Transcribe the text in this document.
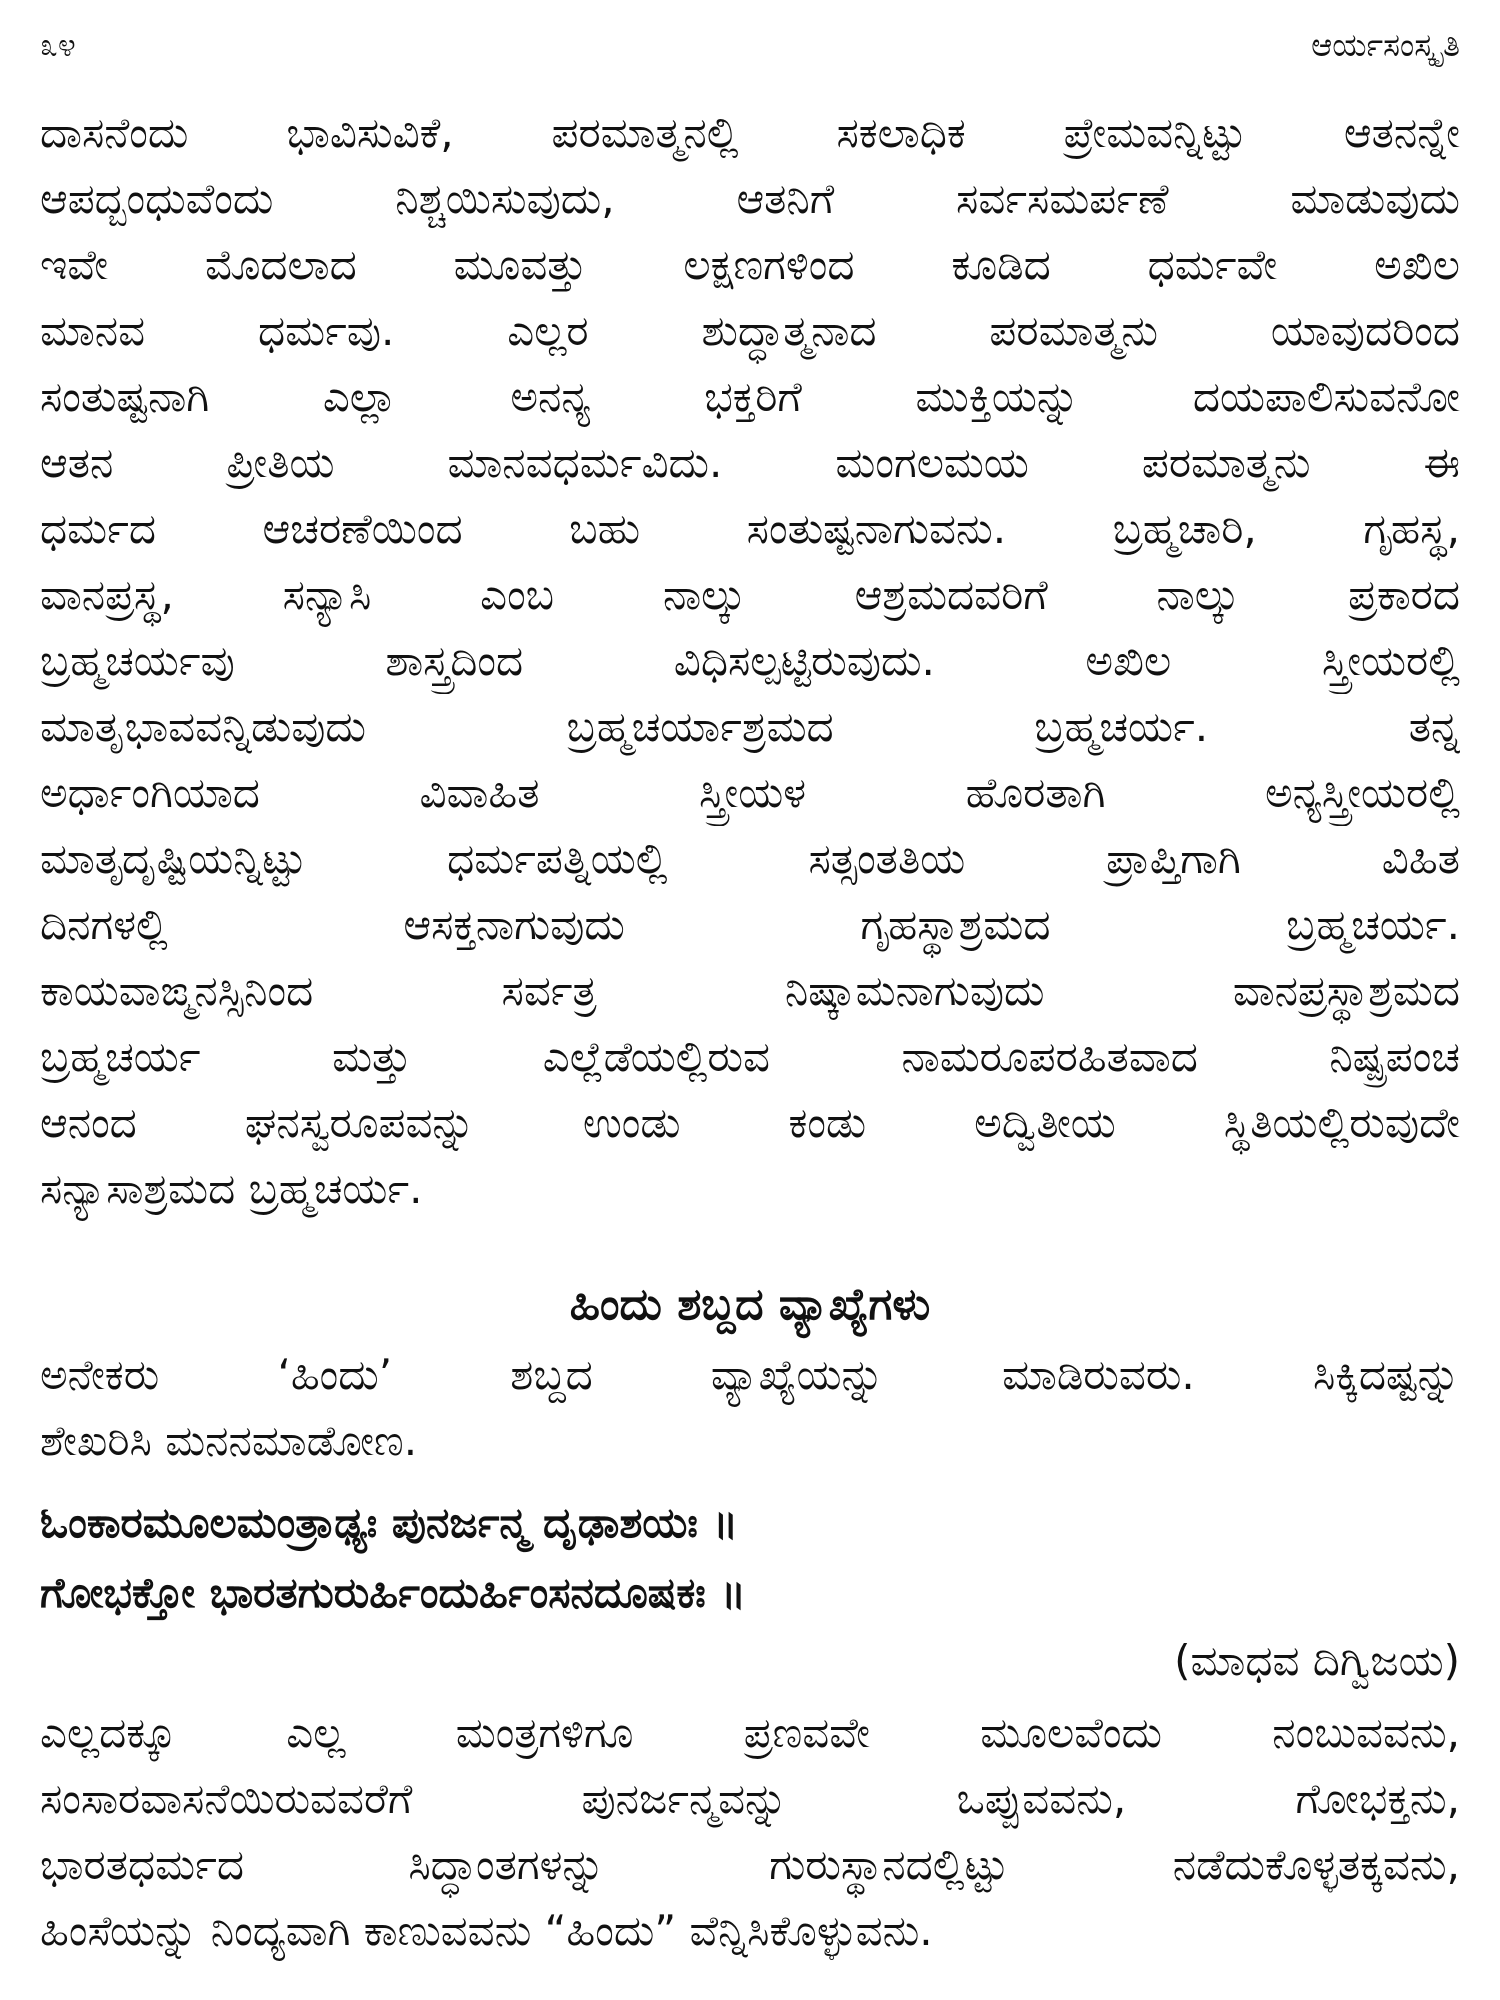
೩೪	ಆರ್ಯಸಂಸ್ಕೃತಿ
ದಾಸನೆಂದು ಭಾವಿಸುವಿಕೆ, ಪರಮಾತ್ಮನಲ್ಲಿ ಸಕಲಾಧಿಕ ಪ್ರೇಮವನ್ನಿಟ್ಟು ಆತನನ್ನೇ
ಆಪದ್ಬಂಧುವೆಂದು ನಿಶ್ಚಯಿಸುವುದು, ಆತನಿಗೆ ಸರ್ವಸಮರ್ಪಣೆ ಮಾಡುವುದು
ಇವೇ ಮೊದಲಾದ ಮೂವತ್ತು ಲಕ್ಷಣಗಳಿಂದ ಕೂಡಿದ ಧರ್ಮವೇ ಅಖಿಲ
ಮಾನವ ಧರ್ಮವು. ಎಲ್ಲರ ಶುದ್ಧಾತ್ಮನಾದ ಪರಮಾತ್ಮನು ಯಾವುದರಿಂದ
ಸಂತುಷ್ಟನಾಗಿ ಎಲ್ಲಾ ಅನನ್ಯ ಭಕ್ತರಿಗೆ ಮುಕ್ತಿಯನ್ನು ದಯಪಾಲಿಸುವನೋ
ಆತನ ಪ್ರೀತಿಯ ಮಾನವಧರ್ಮವಿದು. ಮಂಗಲಮಯ ಪರಮಾತ್ಮನು ಈ
ಧರ್ಮದ ಆಚರಣೆಯಿಂದ ಬಹು ಸಂತುಷ್ಟನಾಗುವನು. ಬ್ರಹ್ಮಚಾರಿ, ಗೃಹಸ್ಥ,
ವಾನಪ್ರಸ್ಥ, ಸನ್ಯಾಸಿ ಎಂಬ ನಾಲ್ಕು ಆಶ್ರಮದವರಿಗೆ ನಾಲ್ಕು ಪ್ರಕಾರದ
ಬ್ರಹ್ಮಚರ್ಯವು ಶಾಸ್ತ್ರದಿಂದ ವಿಧಿಸಲ್ಪಟ್ಟಿರುವುದು. ಅಖಿಲ ಸ್ತ್ರೀಯರಲ್ಲಿ
ಮಾತೃಭಾವವನ್ನಿಡುವುದು ಬ್ರಹ್ಮಚರ್ಯಾಶ್ರಮದ ಬ್ರಹ್ಮಚರ್ಯ. ತನ್ನ
ಅರ್ಧಾಂಗಿಯಾದ ವಿವಾಹಿತ ಸ್ತ್ರೀಯಳ ಹೊರತಾಗಿ ಅನ್ಯಸ್ತ್ರೀಯರಲ್ಲಿ
ಮಾತೃದೃಷ್ಟಿಯನ್ನಿಟ್ಟು ಧರ್ಮಪತ್ನಿಯಲ್ಲಿ ಸತ್ಸಂತತಿಯ ಪ್ರಾಪ್ತಿಗಾಗಿ ವಿಹಿತ
ದಿನಗಳಲ್ಲಿ ಆಸಕ್ತನಾಗುವುದು ಗೃಹಸ್ಥಾಶ್ರಮದ ಬ್ರಹ್ಮಚರ್ಯ.
ಕಾಯವಾಙ್ಮನಸ್ಸಿನಿಂದ ಸರ್ವತ್ರ ನಿಷ್ಕಾಮನಾಗುವುದು ವಾನಪ್ರಸ್ಥಾಶ್ರಮದ
ಬ್ರಹ್ಮಚರ್ಯ ಮತ್ತು ಎಲ್ಲೆಡೆಯಲ್ಲಿರುವ ನಾಮರೂಪರಹಿತವಾದ ನಿಷ್ಪ್ರಪಂಚ
ಆನಂದ ಘನಸ್ವರೂಪವನ್ನು ಉಂಡು ಕಂಡು ಅದ್ವಿತೀಯ ಸ್ಥಿತಿಯಲ್ಲಿರುವುದೇ
ಸನ್ಯಾಸಾಶ್ರಮದ ಬ್ರಹ್ಮಚರ್ಯ.
ಹಿಂದು ಶಬ್ದದ ವ್ಯಾಖ್ಯೆಗಳು
ಅನೇಕರು ‘ಹಿಂದು’ ಶಬ್ದದ ವ್ಯಾಖ್ಯೆಯನ್ನು ಮಾಡಿರುವರು. ಸಿಕ್ಕಿದಷ್ಟನ್ನು
ಶೇಖರಿಸಿ ಮನನಮಾಡೋಣ.
ಓಂಕಾರಮೂಲಮಂತ್ರಾಢ್ಯಃ ಪುನರ್ಜನ್ಮ ದೃಢಾಶಯಃ ॥
ಗೋಭಕ್ತೋ ಭಾರತಗುರುರ್ಹಿಂದುರ್ಹಿಂಸನದೂಷಕಃ ॥
(ಮಾಧವ ದಿಗ್ವಿಜಯ)
ಎಲ್ಲದಕ್ಕೂ ಎಲ್ಲ ಮಂತ್ರಗಳಿಗೂ ಪ್ರಣವವೇ ಮೂಲವೆಂದು ನಂಬುವವನು,
ಸಂಸಾರವಾಸನೆಯಿರುವವರೆಗೆ ಪುನರ್ಜನ್ಮವನ್ನು ಒಪ್ಪುವವನು, ಗೋಭಕ್ತನು,
ಭಾರತಧರ್ಮದ ಸಿದ್ಧಾಂತಗಳನ್ನು ಗುರುಸ್ಥಾನದಲ್ಲಿಟ್ಟು ನಡೆದುಕೊಳ್ಳತಕ್ಕವನು,
ಹಿಂಸೆಯನ್ನು ನಿಂದ್ಯವಾಗಿ ಕಾಣುವವನು “ಹಿಂದು” ವೆನ್ನಿಸಿಕೊಳ್ಳುವನು.
